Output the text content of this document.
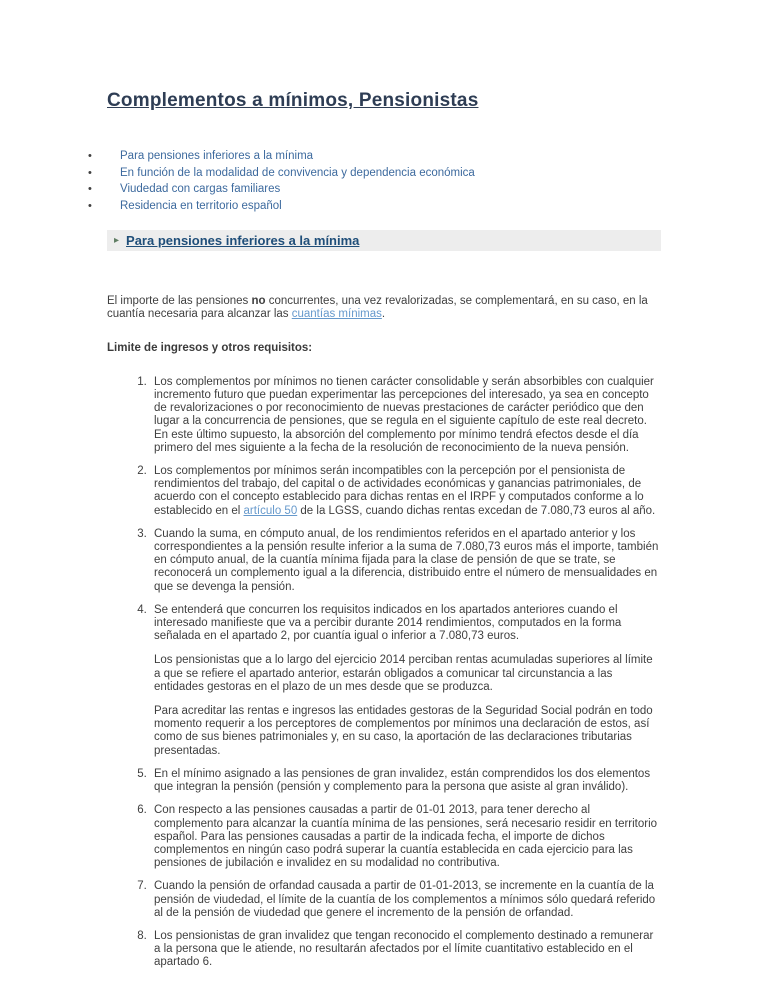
Complementos a mínimos, Pensionistas
• Para pensiones inferiores a la mínima
• En función de la modalidad de convivencia y dependencia económica
• Viudedad con cargas familiares
• Residencia en territorio español
▸ Para pensiones inferiores a la mínima

El importe de las pensiones no concurrentes, una vez revalorizadas, se complementará, en su caso, en la cuantía necesaria para alcanzar las cuantías mínimas.

Limite de ingresos y otros requisitos:

1. Los complementos por mínimos no tienen carácter consolidable y serán absorbibles con cualquier incremento futuro que puedan experimentar las percepciones del interesado, ya sea en concepto de revalorizaciones o por reconocimiento de nuevas prestaciones de carácter periódico que den lugar a la concurrencia de pensiones, que se regula en el siguiente capítulo de este real decreto. En este último supuesto, la absorción del complemento por mínimo tendrá efectos desde el día primero del mes siguiente a la fecha de la resolución de reconocimiento de la nueva pensión.
2. Los complementos por mínimos serán incompatibles con la percepción por el pensionista de rendimientos del trabajo, del capital o de actividades económicas y ganancias patrimoniales, de acuerdo con el concepto establecido para dichas rentas en el IRPF y computados conforme a lo establecido en el artículo 50 de la LGSS, cuando dichas rentas excedan de 7.080,73 euros al año.
3. Cuando la suma, en cómputo anual, de los rendimientos referidos en el apartado anterior y los correspondientes a la pensión resulte inferior a la suma de 7.080,73 euros más el importe, también en cómputo anual, de la cuantía mínima fijada para la clase de pensión de que se trate, se reconocerá un complemento igual a la diferencia, distribuido entre el número de mensualidades en que se devenga la pensión.

4. Se entenderá que concurren los requisitos indicados en los apartados anteriores cuando el interesado manifieste que va a percibir durante 2014 rendimientos, computados en la forma señalada en el apartado 2, por cuantía igual o inferior a 7.080,73 euros.

Los pensionistas que a lo largo del ejercicio 2014 perciban rentas acumuladas superiores al límite a que se refiere el apartado anterior, estarán obligados a comunicar tal circunstancia a las entidades gestoras en el plazo de un mes desde que se produzca.

Para acreditar las rentas e ingresos las entidades gestoras de la Seguridad Social podrán en todo momento requerir a los perceptores de complementos por mínimos una declaración de estos, así como de sus bienes patrimoniales y, en su caso, la aportación de las declaraciones tributarias presentadas.

5. En el mínimo asignado a las pensiones de gran invalidez, están comprendidos los dos elementos que integran la pensión (pensión y complemento para la persona que asiste al gran inválido).
6. Con respecto a las pensiones causadas a partir de 01-01 2013, para tener derecho al complemento para alcanzar la cuantía mínima de las pensiones, será necesario residir en territorio español. Para las pensiones causadas a partir de la indicada fecha, el importe de dichos complementos en ningún caso podrá superar la cuantía establecida en cada ejercicio para las pensiones de jubilación e invalidez en su modalidad no contributiva.
7. Cuando la pensión de orfandad causada a partir de 01-01-2013, se incremente en la cuantía de la pensión de viudedad, el límite de la cuantía de los complementos a mínimos sólo quedará referido al de la pensión de viudedad que genere el incremento de la pensión de orfandad.
8. Los pensionistas de gran invalidez que tengan reconocido el complemento destinado a remunerar a la persona que le atiende, no resultarán afectados por el límite cuantitativo establecido en el apartado 6.
